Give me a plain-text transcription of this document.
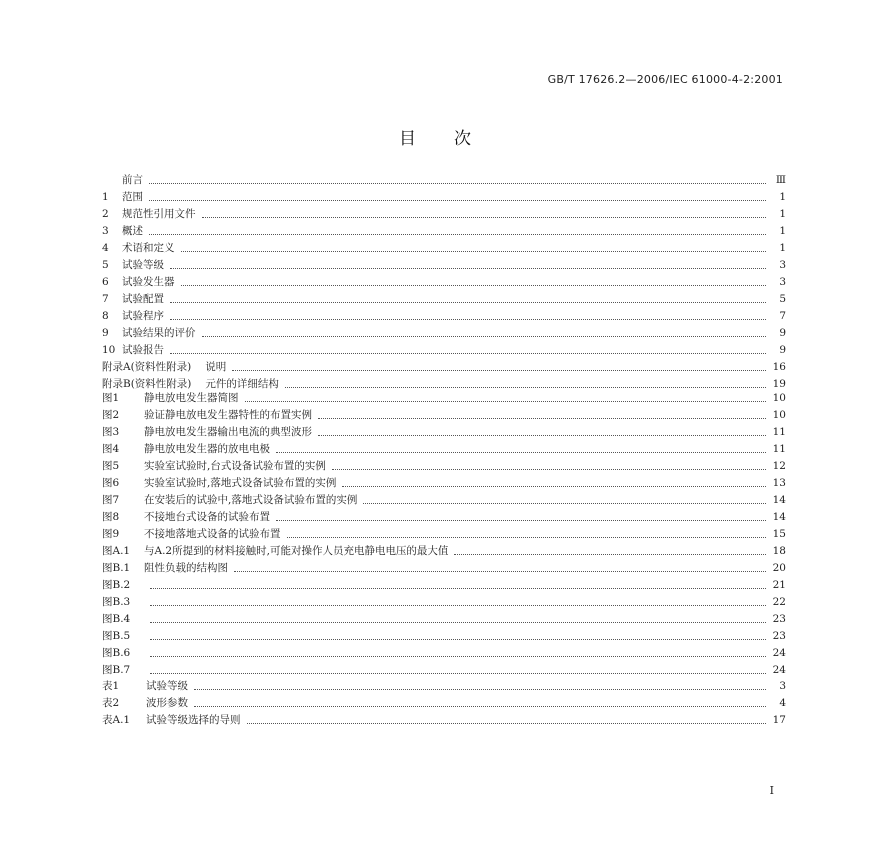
GB/T 17626.2—2006/IEC 61000-4-2:2001
目次
前言	Ⅲ
1	范围	1
2	规范性引用文件	1
3	概述	1
4	术语和定义	1
5	试验等级	3
6	试验发生器	3
7	试验配置	5
8	试验程序	7
9	试验结果的评价	9
10 试验报告	9
附录A(资料性附录)	说明	16
附录B(资料性附录)	元件的详细结构	19
图1	静电放电发生器简图	10
图2	验证静电放电发生器特性的布置实例	10
图3	静电放电发生器输出电流的典型波形	11
图4	静电放电发生器的放电电极	11
图5	实验室试验时,台式设备试验布置的实例	12
图6	实验室试验时,落地式设备试验布置的实例	13
图7	在安装后的试验中,落地式设备试验布置的实例	14
图8	不接地台式设备的试验布置	14
图9	不接地落地式设备的试验布置	15
图A.1	与A.2所提到的材料接触时,可能对操作人员充电静电电压的最大值	18
图B.1	阻性负载的结构图	20
图B.2	21
图B.3	22
图B.4	23
图B.5	23
图B.6	24
图B.7	24
表1	试验等级	3
表2	波形参数	4
表A.1	试验等级选择的导则	17
Ⅰ
